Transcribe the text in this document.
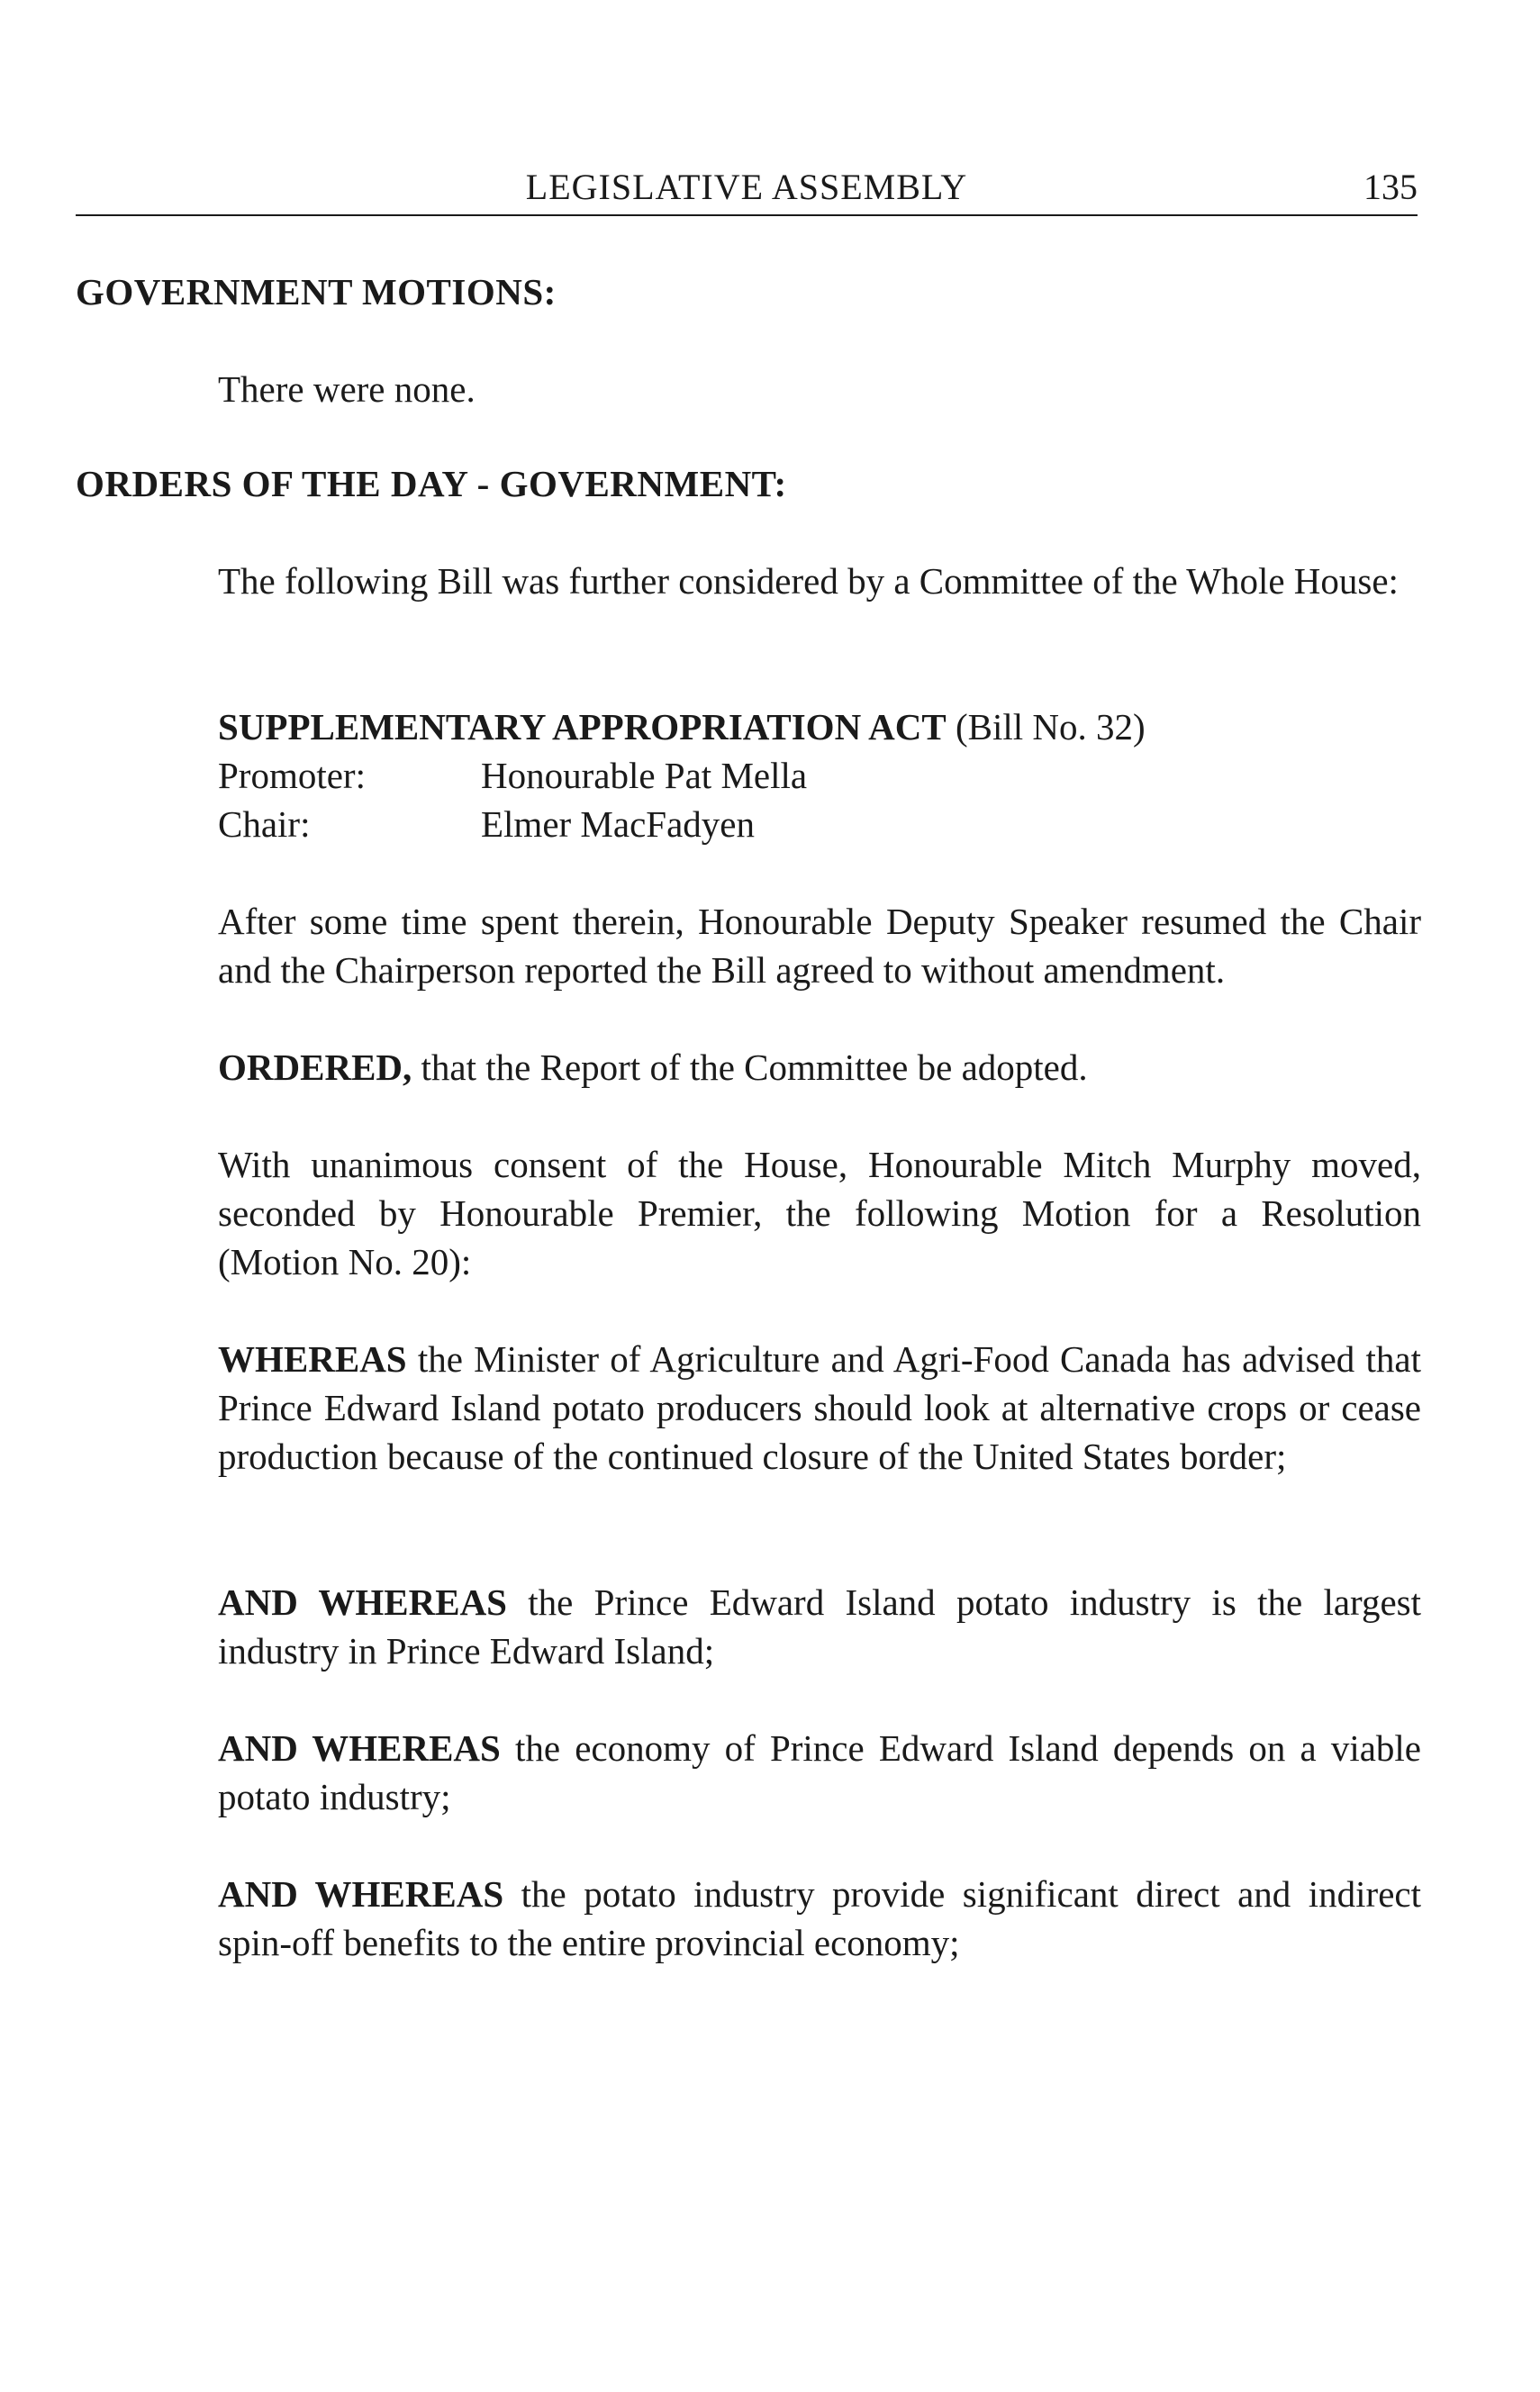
LEGISLATIVE ASSEMBLY	135
GOVERNMENT MOTIONS:
There were none.
ORDERS OF THE DAY - GOVERNMENT:
The following Bill was further considered by a Committee of the Whole House:
SUPPLEMENTARY APPROPRIATION ACT (Bill No. 32)
Promoter:	Honourable Pat Mella
Chair:	Elmer MacFadyen
After some time spent therein, Honourable Deputy Speaker resumed the Chair and the Chairperson reported the Bill agreed to without amendment.
ORDERED, that the Report of the Committee be adopted.
With unanimous consent of the House, Honourable Mitch Murphy moved, seconded by Honourable Premier, the following Motion for a Resolution (Motion No. 20):
WHEREAS the Minister of Agriculture and Agri-Food Canada has advised that Prince Edward Island potato producers should look at alternative crops or cease production because of the continued closure of the United States border;
AND WHEREAS the Prince Edward Island potato industry is the largest industry in Prince Edward Island;
AND WHEREAS the economy of Prince Edward Island depends on a viable potato industry;
AND WHEREAS the potato industry provide significant direct and indirect spin-off benefits to the entire provincial economy;
